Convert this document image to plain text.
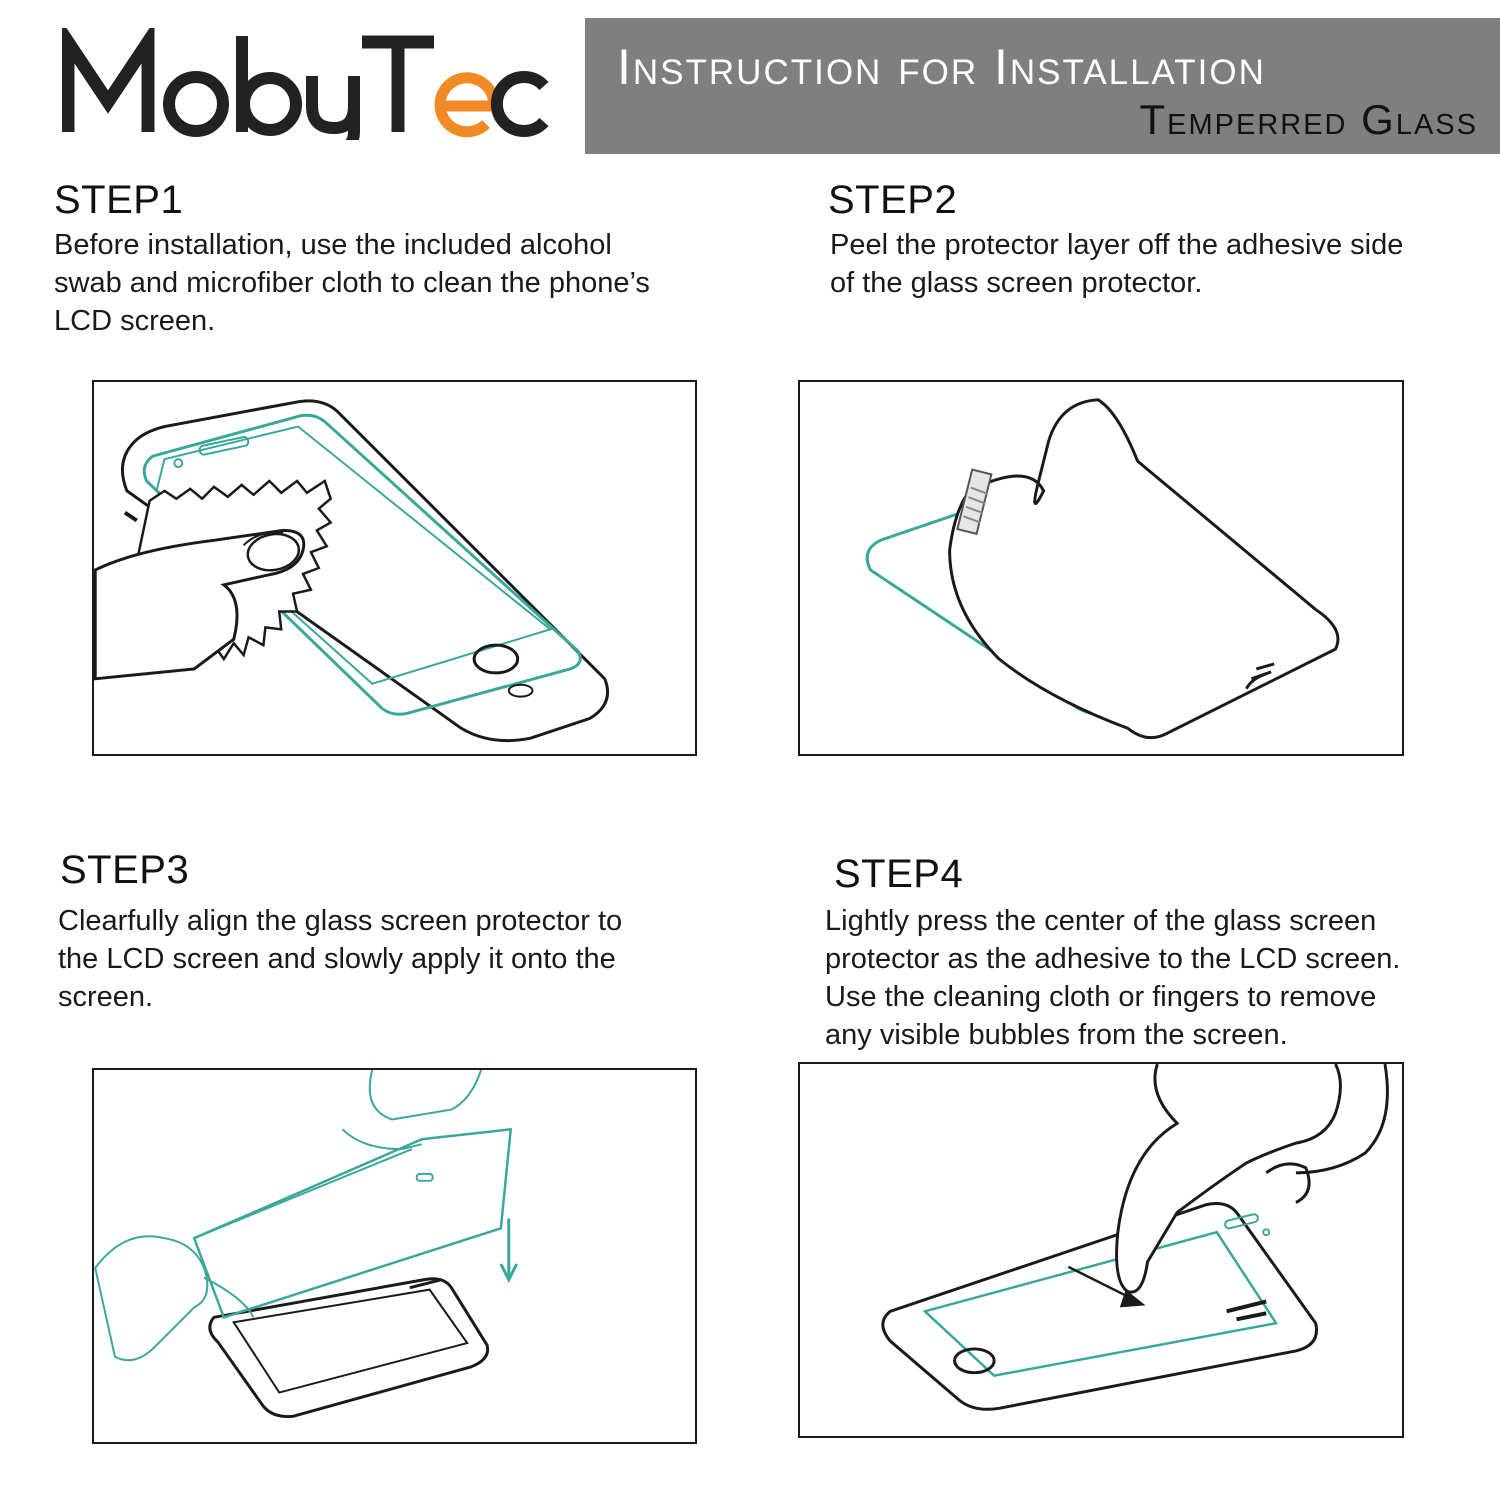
Instruction for Installation
Temperred Glass
STEP1
Before installation, use the included alcohol
swab and microfiber cloth to clean the phone’s
LCD screen.
STEP2
Peel the protector layer off the adhesive side
of the glass screen protector.
STEP3
Clearfully align the glass screen protector to
the LCD screen and slowly apply it onto the
screen.
STEP4
Lightly press the center of the glass screen
protector as the adhesive to the LCD screen.
Use the cleaning cloth or fingers to remove
any visible bubbles from the screen.
